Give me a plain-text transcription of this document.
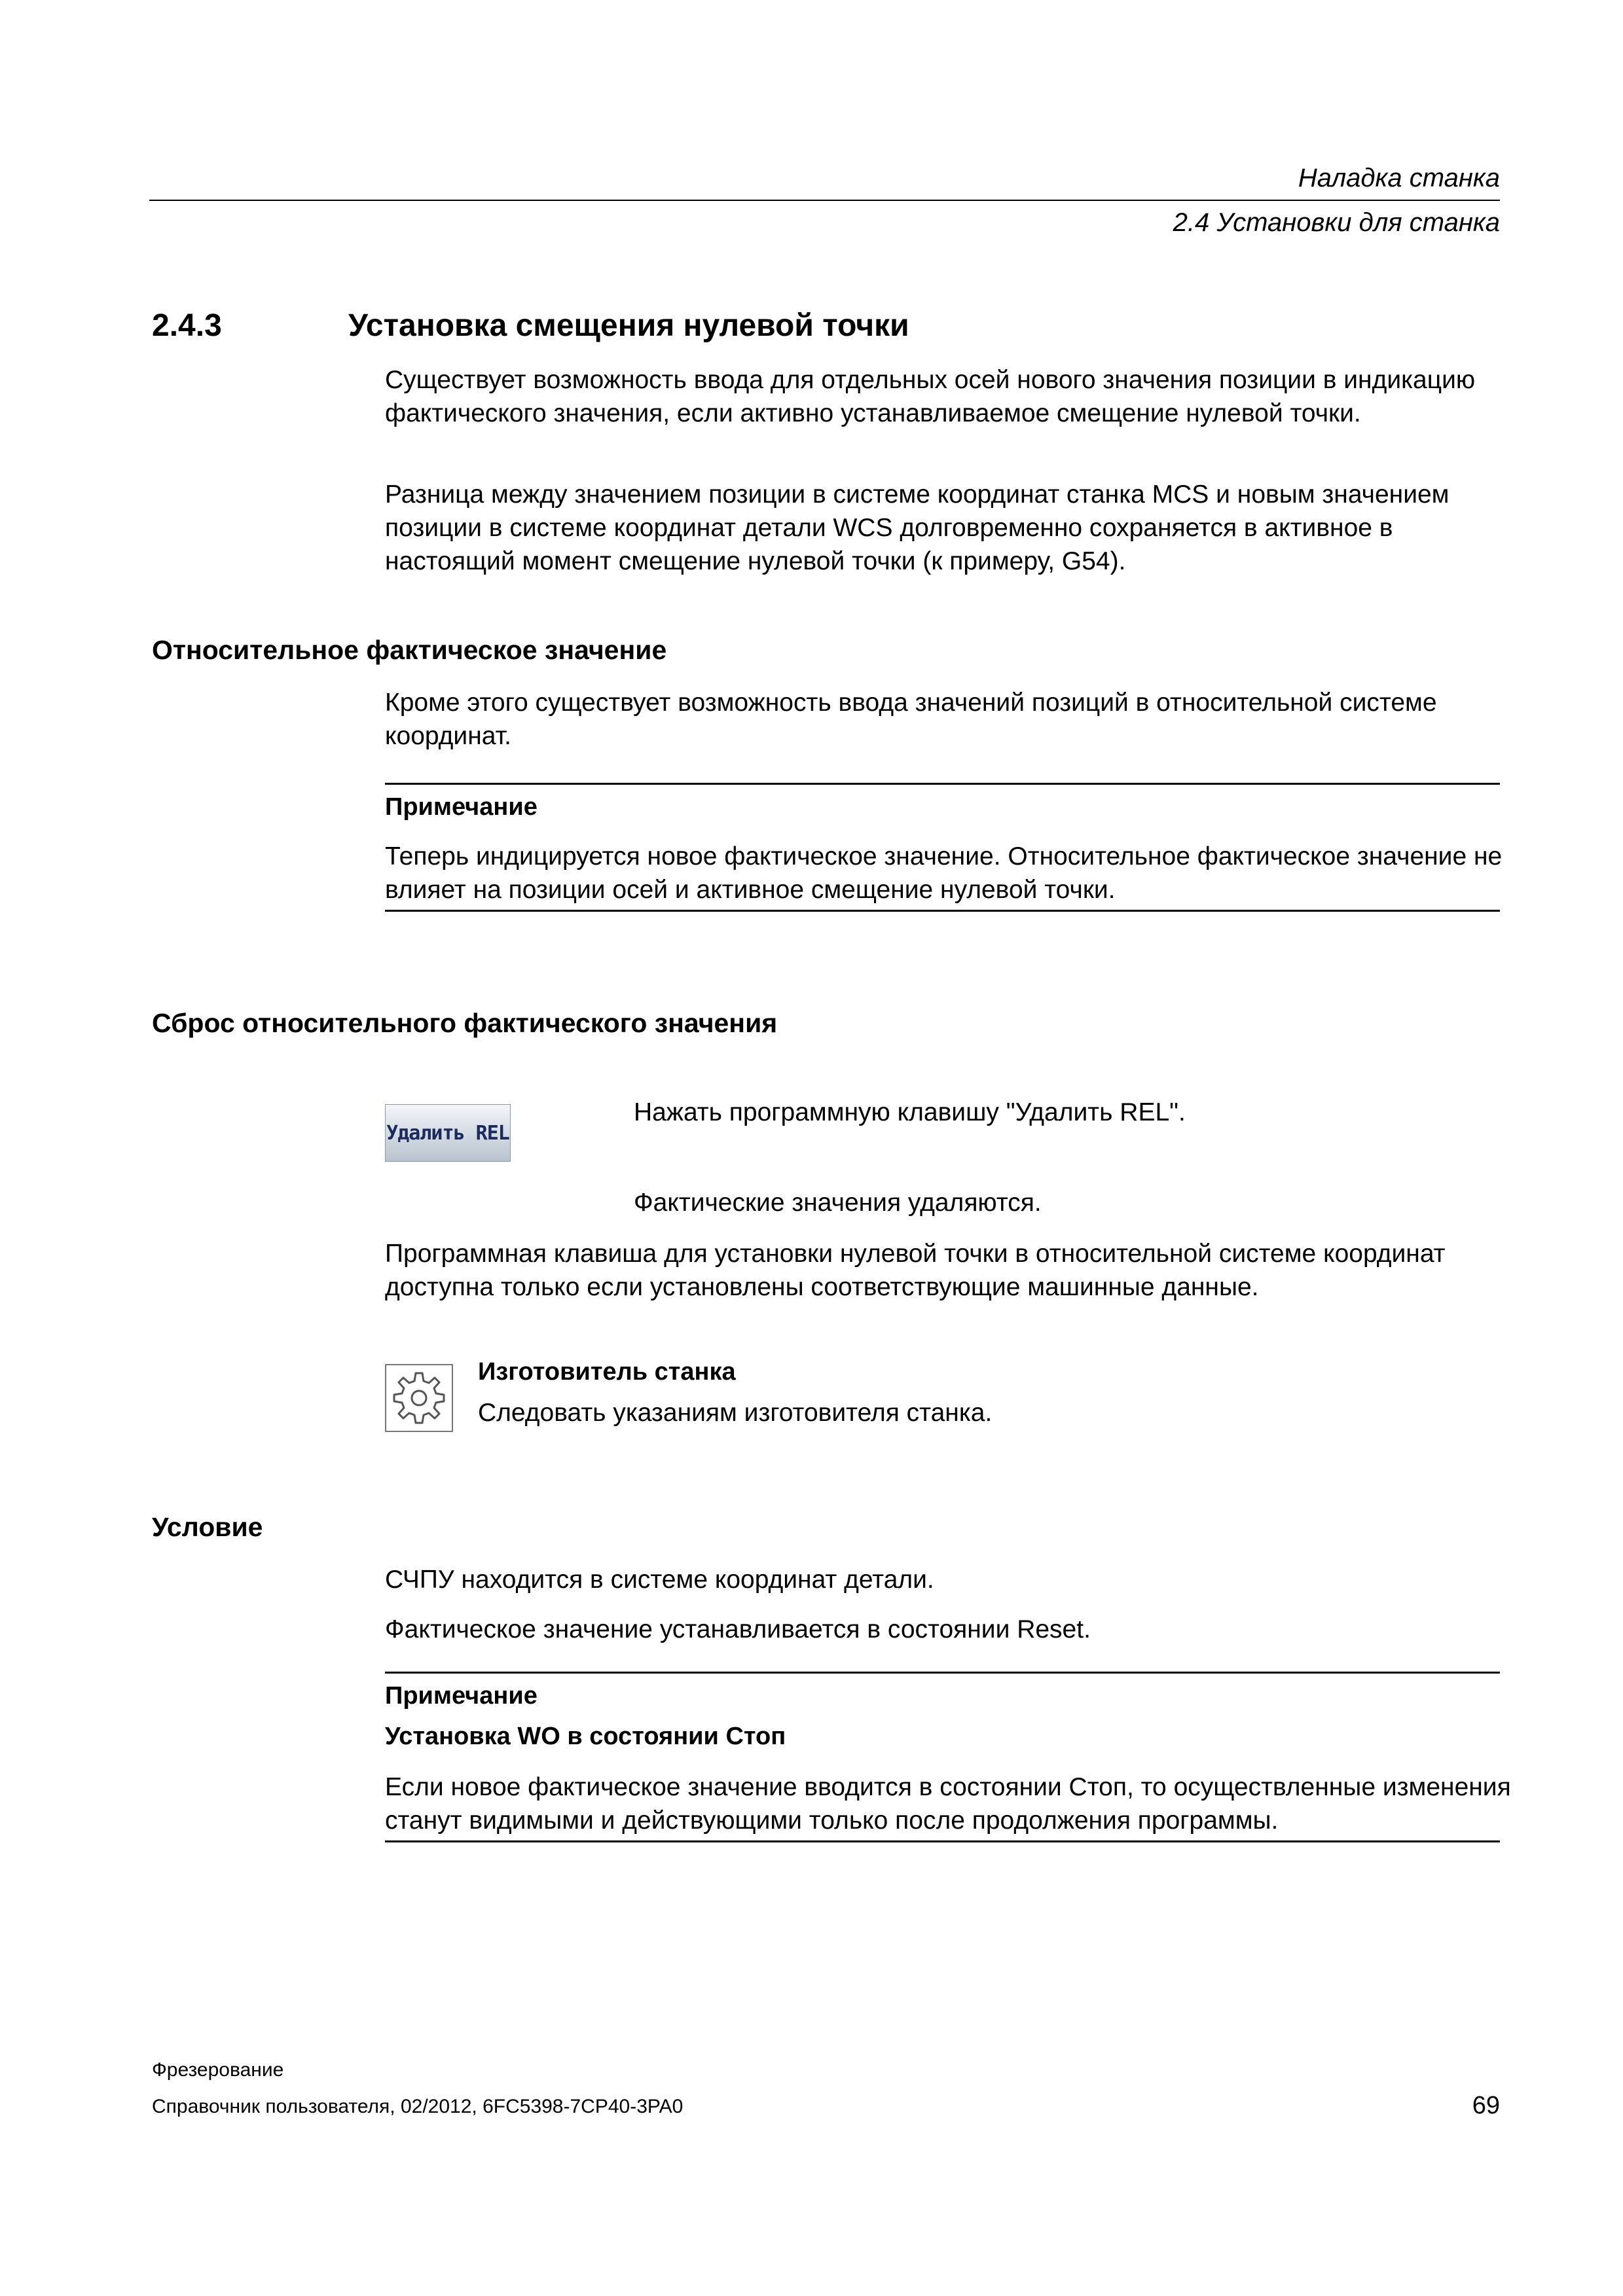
Наладка станка
2.4 Установки для станка
2.4.3	Установка смещения нулевой точки
Существует возможность ввода для отдельных осей нового значения позиции в индикацию фактического значения, если активно устанавливаемое смещение нулевой точки.
Разница между значением позиции в системе координат станка MCS и новым значением позиции в системе координат детали WCS долговременно сохраняется в активное в настоящий момент смещение нулевой точки (к примеру, G54).
Относительное фактическое значение
Кроме этого существует возможность ввода значений позиций в относительной системе координат.
Примечание
Теперь индицируется новое фактическое значение. Относительное фактическое значение не влияет на позиции осей и активное смещение нулевой точки.
Сброс относительного фактического значения
Удалить REL
Нажать программную клавишу "Удалить REL".
Фактические значения удаляются.
Программная клавиша для установки нулевой точки в относительной системе координат доступна только если установлены соответствующие машинные данные.
Изготовитель станка
Следовать указаниям изготовителя станка.
Условие
СЧПУ находится в системе координат детали.
Фактическое значение устанавливается в состоянии Reset.
Примечание
Установка WO в состоянии Стоп
Если новое фактическое значение вводится в состоянии Стоп, то осуществленные изменения станут видимыми и действующими только после продолжения программы.
Фрезерование
Справочник пользователя, 02/2012, 6FC5398-7CP40-3PA0	69
